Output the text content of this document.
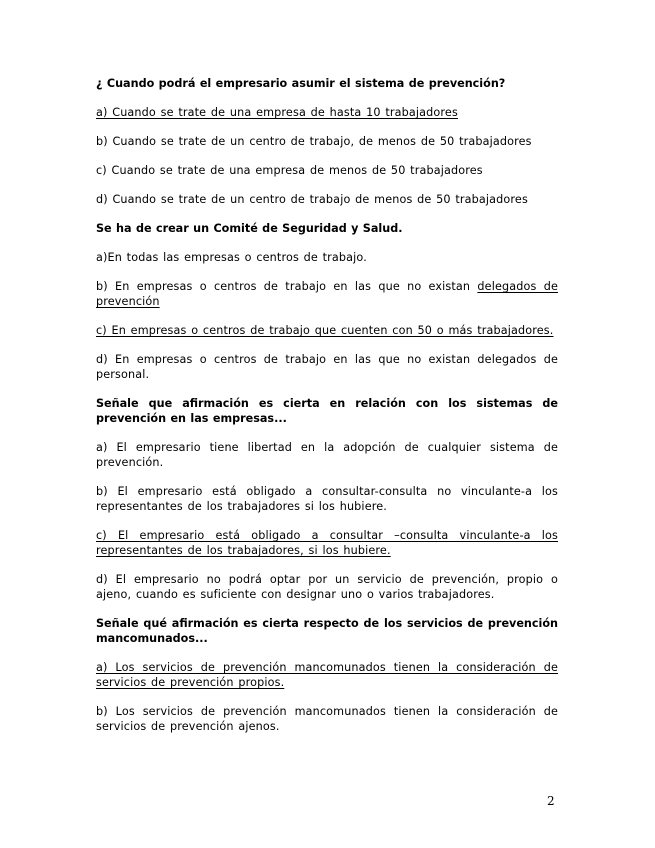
¿ Cuando podrá el empresario asumir el sistema de prevención?

a) Cuando se trate de una empresa de hasta 10 trabajadores

b) Cuando se trate de un centro de trabajo, de menos de 50 trabajadores

c) Cuando se trate de una empresa de menos de 50 trabajadores

d) Cuando se trate de un centro de trabajo de menos de 50 trabajadores

Se ha de crear un Comité de Seguridad y Salud.

a)En todas las empresas o centros de trabajo.

b) En empresas o centros de trabajo en las que no existan delegados de prevención

c) En empresas o centros de trabajo que cuenten con 50 o más trabajadores.

d) En empresas o centros de trabajo en las que no existan delegados de personal.

Señale que afirmación es cierta en relación con los sistemas de prevención en las empresas...

a) El empresario tiene libertad en la adopción de cualquier sistema de prevención.

b) El empresario está obligado a consultar-consulta no vinculante-a los representantes de los trabajadores si los hubiere.

c) El empresario está obligado a consultar –consulta vinculante-a los representantes de los trabajadores, si los hubiere.

d) El empresario no podrá optar por un servicio de prevención, propio o ajeno, cuando es suficiente con designar uno o varios trabajadores.

Señale qué afirmación es cierta respecto de los servicios de prevención mancomunados...

a) Los servicios de prevención mancomunados tienen la consideración de servicios de prevención propios.

b) Los servicios de prevención mancomunados tienen la consideración de servicios de prevención ajenos.

2
